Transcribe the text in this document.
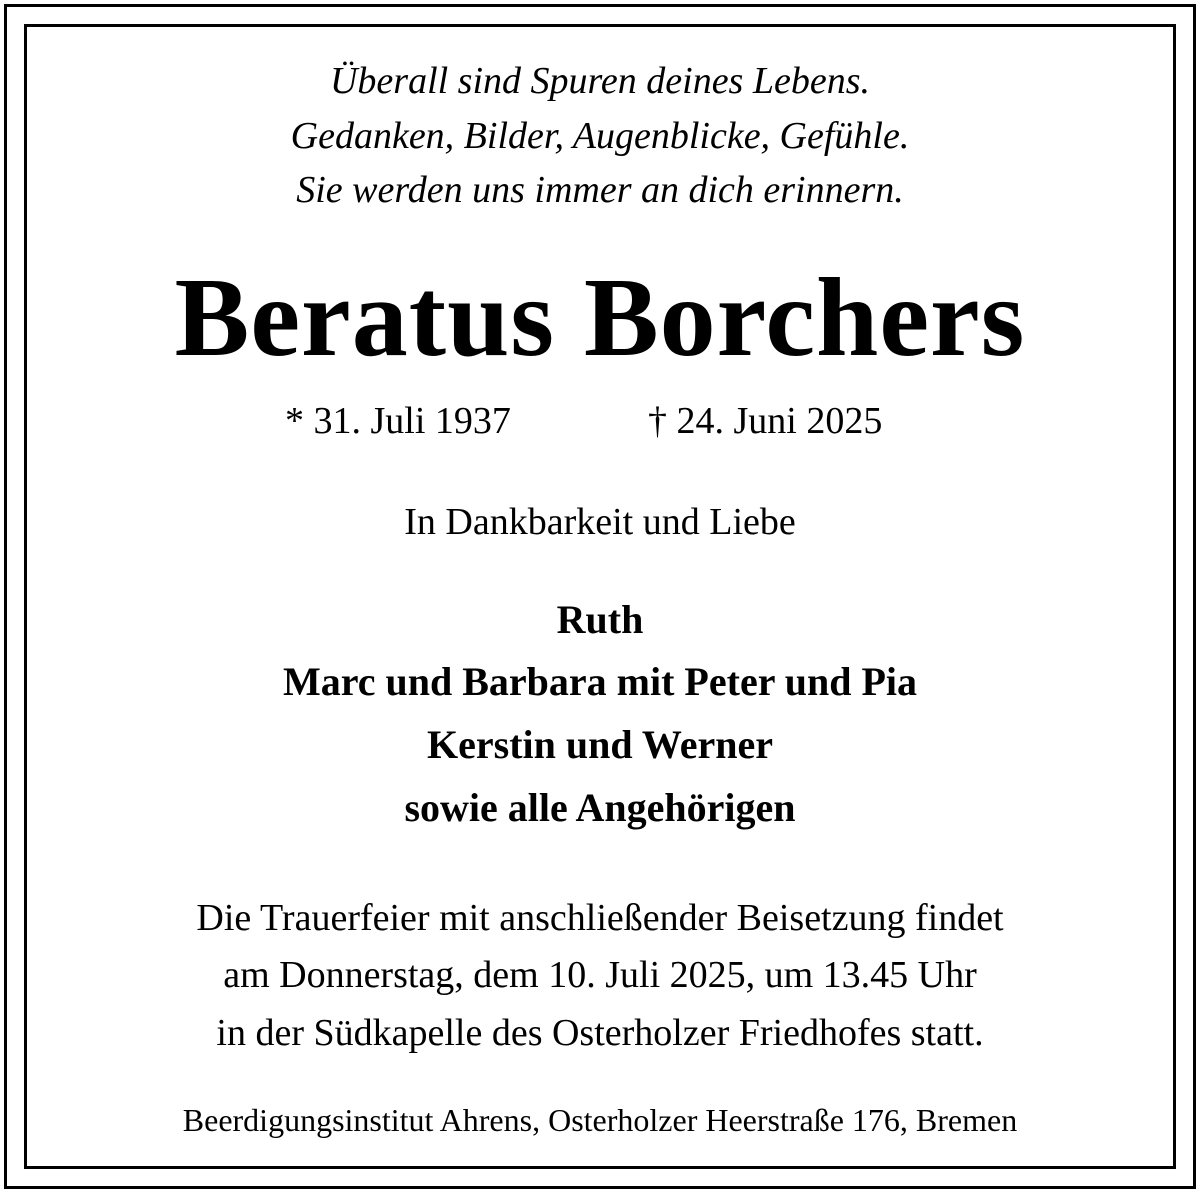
Überall sind Spuren deines Lebens.
Gedanken, Bilder, Augenblicke, Gefühle.
Sie werden uns immer an dich erinnern.
Beratus Borchers
* 31. Juli 1937	† 24. Juni 2025
In Dankbarkeit und Liebe
Ruth
Marc und Barbara mit Peter und Pia
Kerstin und Werner
sowie alle Angehörigen
Die Trauerfeier mit anschließender Beisetzung findet
am Donnerstag, dem 10. Juli 2025, um 13.45 Uhr
in der Südkapelle des Osterholzer Friedhofes statt.
Beerdigungsinstitut Ahrens, Osterholzer Heerstraße 176, Bremen
